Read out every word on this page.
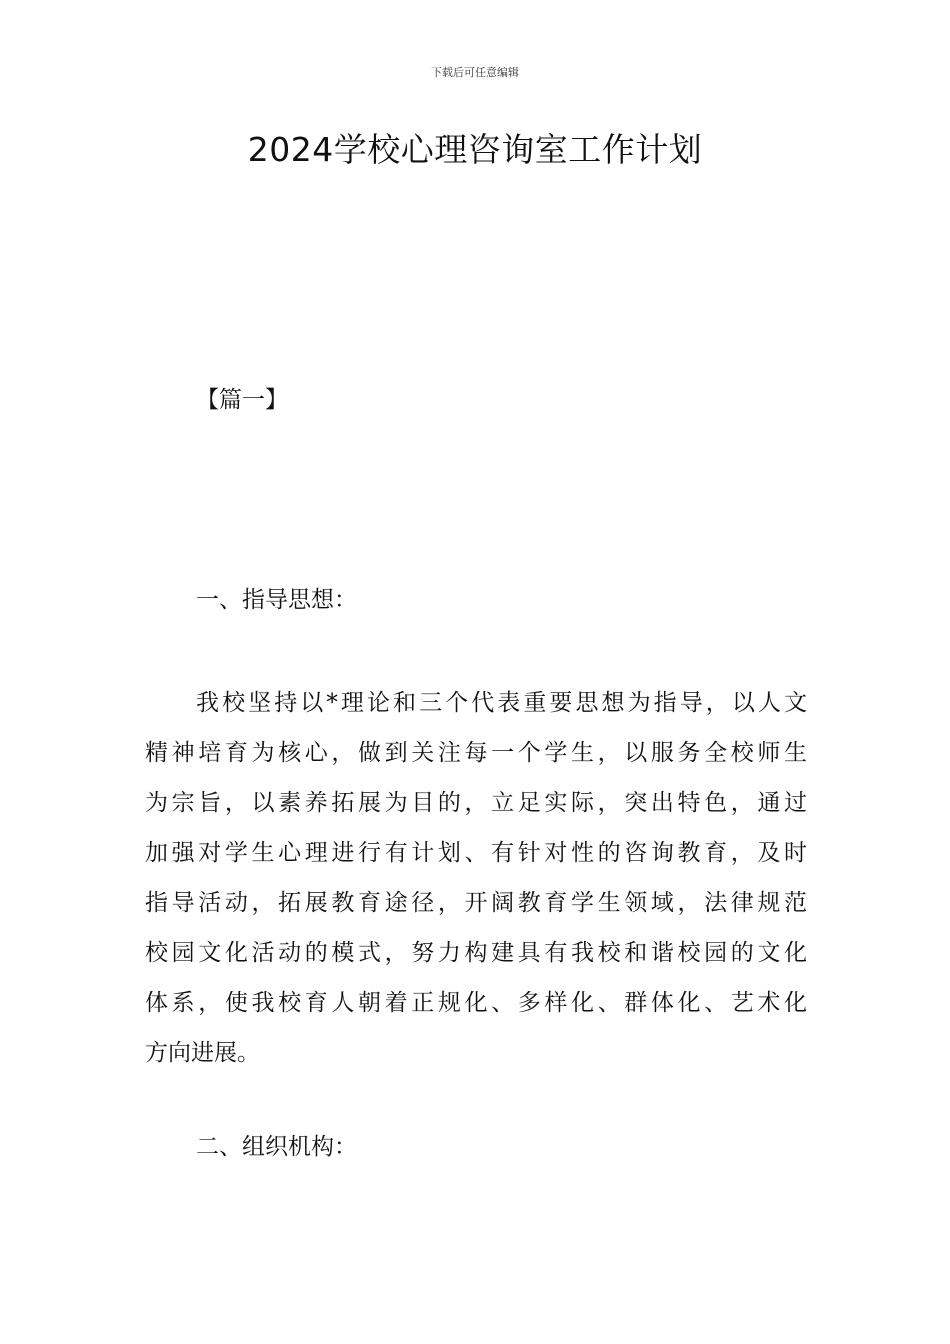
下载后可任意编辑
2024学校心理咨询室工作计划
【篇一】
一、指导思想：
我校坚持以*理论和三个代表重要思想为指导，以人文
精神培育为核心，做到关注每一个学生，以服务全校师生
为宗旨，以素养拓展为目的，立足实际，突出特色，通过
加强对学生心理进行有计划、有针对性的咨询教育，及时
指导活动，拓展教育途径，开阔教育学生领域，法律规范
校园文化活动的模式，努力构建具有我校和谐校园的文化
体系，使我校育人朝着正规化、多样化、群体化、艺术化
方向进展。
二、组织机构：
